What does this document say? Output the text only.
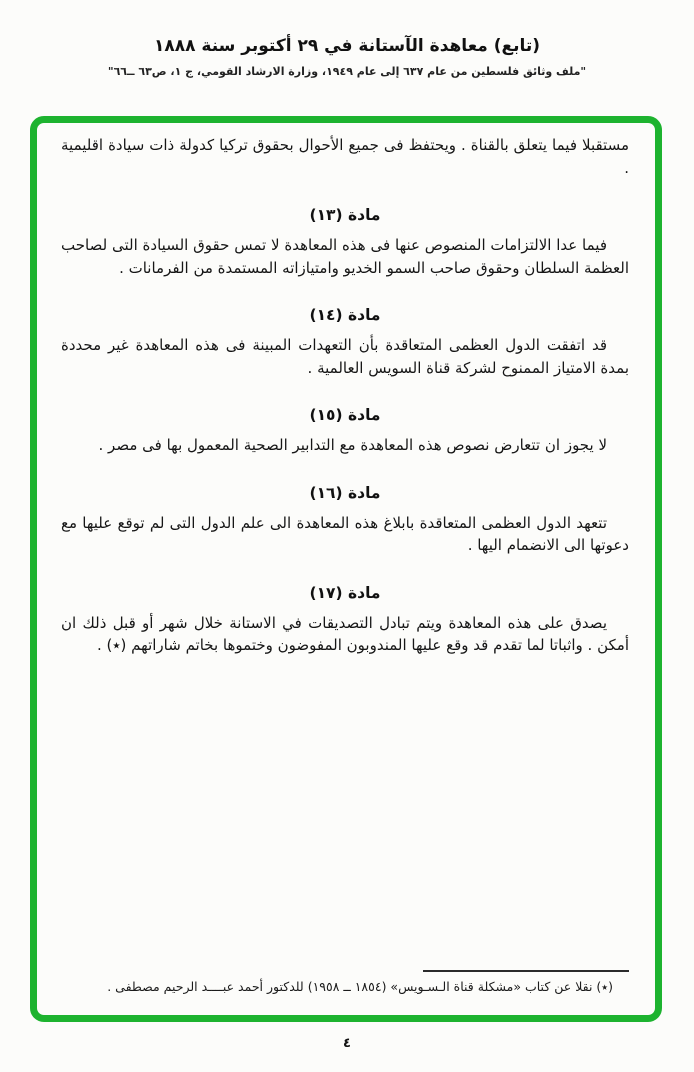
(تابع) معاهدة الآستانة في ٢٩ أكتوبر سنة ١٨٨٨
"ملف وثائق فلسطين من عام ٦٣٧ إلى عام ١٩٤٩، وزارة الارشاد القومي، ج ١، ص٦٣ ــ٦٦"

مستقبلا فيما يتعلق بالقناة . ويحتفظ فى جميع الأحوال بحقوق تركيا كدولة ذات سيادة اقليمية .

مادة (١٣)

فيما عدا الالتزامات المنصوص عنها فى هذه المعاهدة لا تمس حقوق السيادة التى لصاحب العظمة السلطان وحقوق صاحب السمو الخديو وامتيازاته المستمدة من الفرمانات .

مادة (١٤)

قد اتفقت الدول العظمى المتعاقدة بأن التعهدات المبينة فى هذه المعاهدة غير محددة بمدة الامتياز الممنوح لشركة قناة السويس العالمية .

مادة (١٥)

لا يجوز ان تتعارض نصوص هذه المعاهدة مع التدابير الصحية المعمول بها فى مصر .

مادة (١٦)

تتعهد الدول العظمى المتعاقدة بابلاغ هذه المعاهدة الى علم الدول التى لم توقع عليها مع دعوتها الى الانضمام اليها .

مادة (١٧)

يصدق على هذه المعاهدة ويتم تبادل التصديقات في الاستانة خلال شهر أو قبل ذلك ان أمكن . واثباتا لما تقدم قد وقع عليها المندوبون المفوضون وختموها بخاتم شاراتهم (٭) .

(٭) نقلا عن كتاب «مشكلة قناة الـسـويس» (١٨٥٤ ــ ١٩٥٨) للدكتور أحمد عبــــد الرحيم مصطفى .

٤
